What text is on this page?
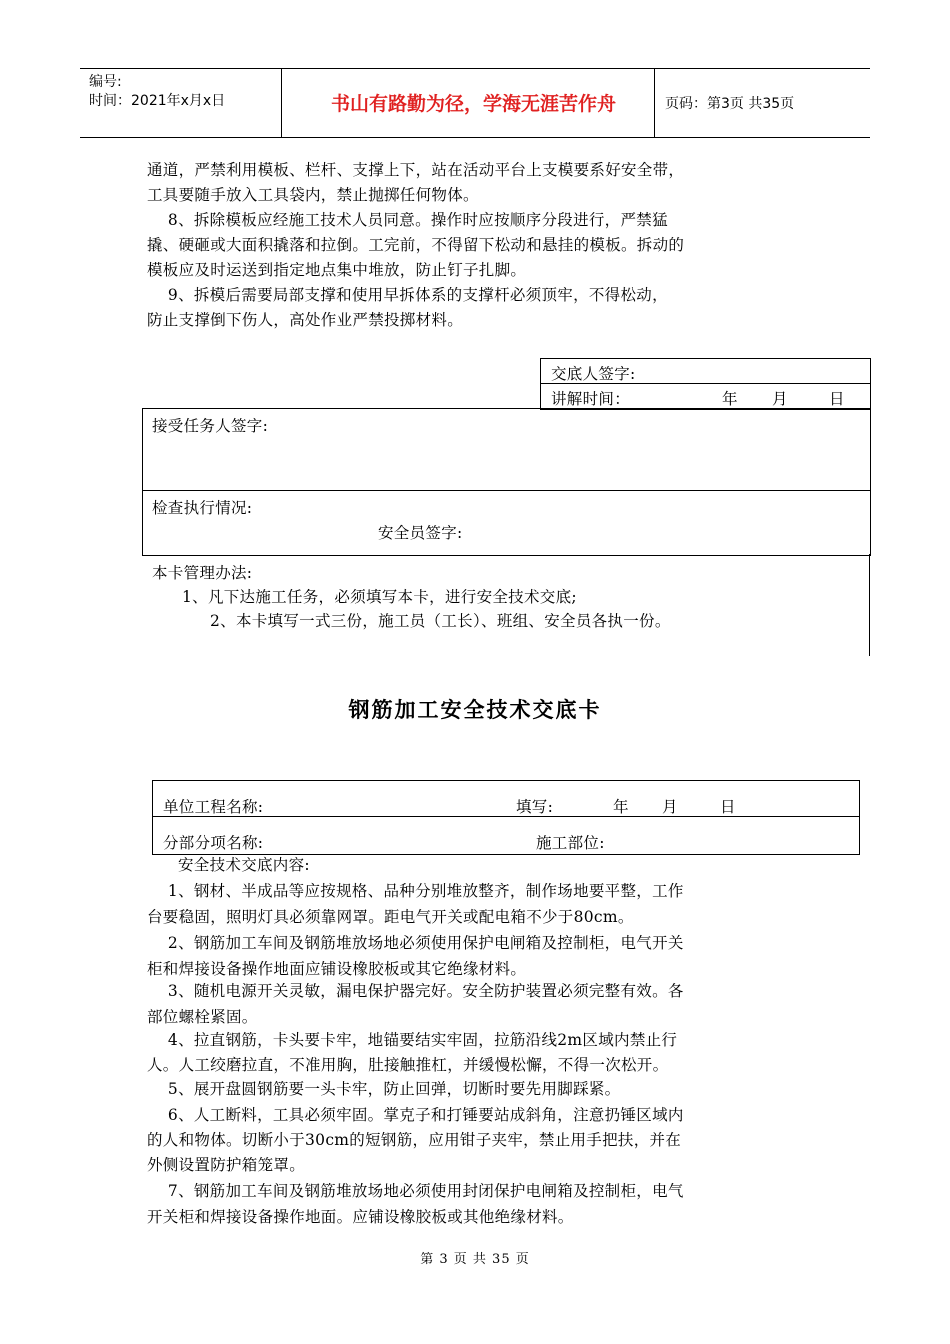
编号:
时间：2021年x月x日	书山有路勤为径，学海无涯苦作舟	页码：第3页 共35页
通道，严禁利用模板、栏杆、支撑上下，站在活动平台上支模要系好安全带，
工具要随手放入工具袋内，禁止抛掷任何物体。
8、拆除模板应经施工技术人员同意。操作时应按顺序分段进行，严禁猛
撬、硬砸或大面积撬落和拉倒。工完前，不得留下松动和悬挂的模板。拆动的
模板应及时运送到指定地点集中堆放，防止钉子扎脚。
9、拆模后需要局部支撑和使用早拆体系的支撑杆必须顶牢，不得松动，
防止支撑倒下伤人，高处作业严禁投掷材料。
交底人签字:
讲解时间：	年 月	日
接受任务人签字:
检查执行情况:
安全员签字:
本卡管理办法:
1、凡下达施工任务，必须填写本卡，进行安全技术交底;
2、本卡填写一式三份，施工员（工长）、班组、安全员各执一份。
钢筋加工安全技术交底卡
单位工程名称:	填写:	年 月	日
分部分项名称:	施工部位:
安全技术交底内容:
1、钢材、半成品等应按规格、品种分别堆放整齐，制作场地要平整，工作
台要稳固，照明灯具必须靠网罩。距电气开关或配电箱不少于80cm。
2、钢筋加工车间及钢筋堆放场地必须使用保护电闸箱及控制柜，电气开关
柜和焊接设备操作地面应铺设橡胶板或其它绝缘材料。
3、随机电源开关灵敏，漏电保护器完好。安全防护装置必须完整有效。各
部位螺栓紧固。
4、拉直钢筋，卡头要卡牢，地锚要结实牢固，拉筋沿线2m区域内禁止行
人。人工绞磨拉直，不准用胸，肚接触推杠，并缓慢松懈，不得一次松开。
5、展开盘圆钢筋要一头卡牢，防止回弹，切断时要先用脚踩紧。
6、人工断料，工具必须牢固。掌克子和打锤要站成斜角，注意扔锤区域内
的人和物体。切断小于30cm的短钢筋，应用钳子夹牢，禁止用手把扶，并在
外侧设置防护箱笼罩。
7、钢筋加工车间及钢筋堆放场地必须使用封闭保护电闸箱及控制柜，电气
开关柜和焊接设备操作地面。应铺设橡胶板或其他绝缘材料。
第 3 页 共 35 页
